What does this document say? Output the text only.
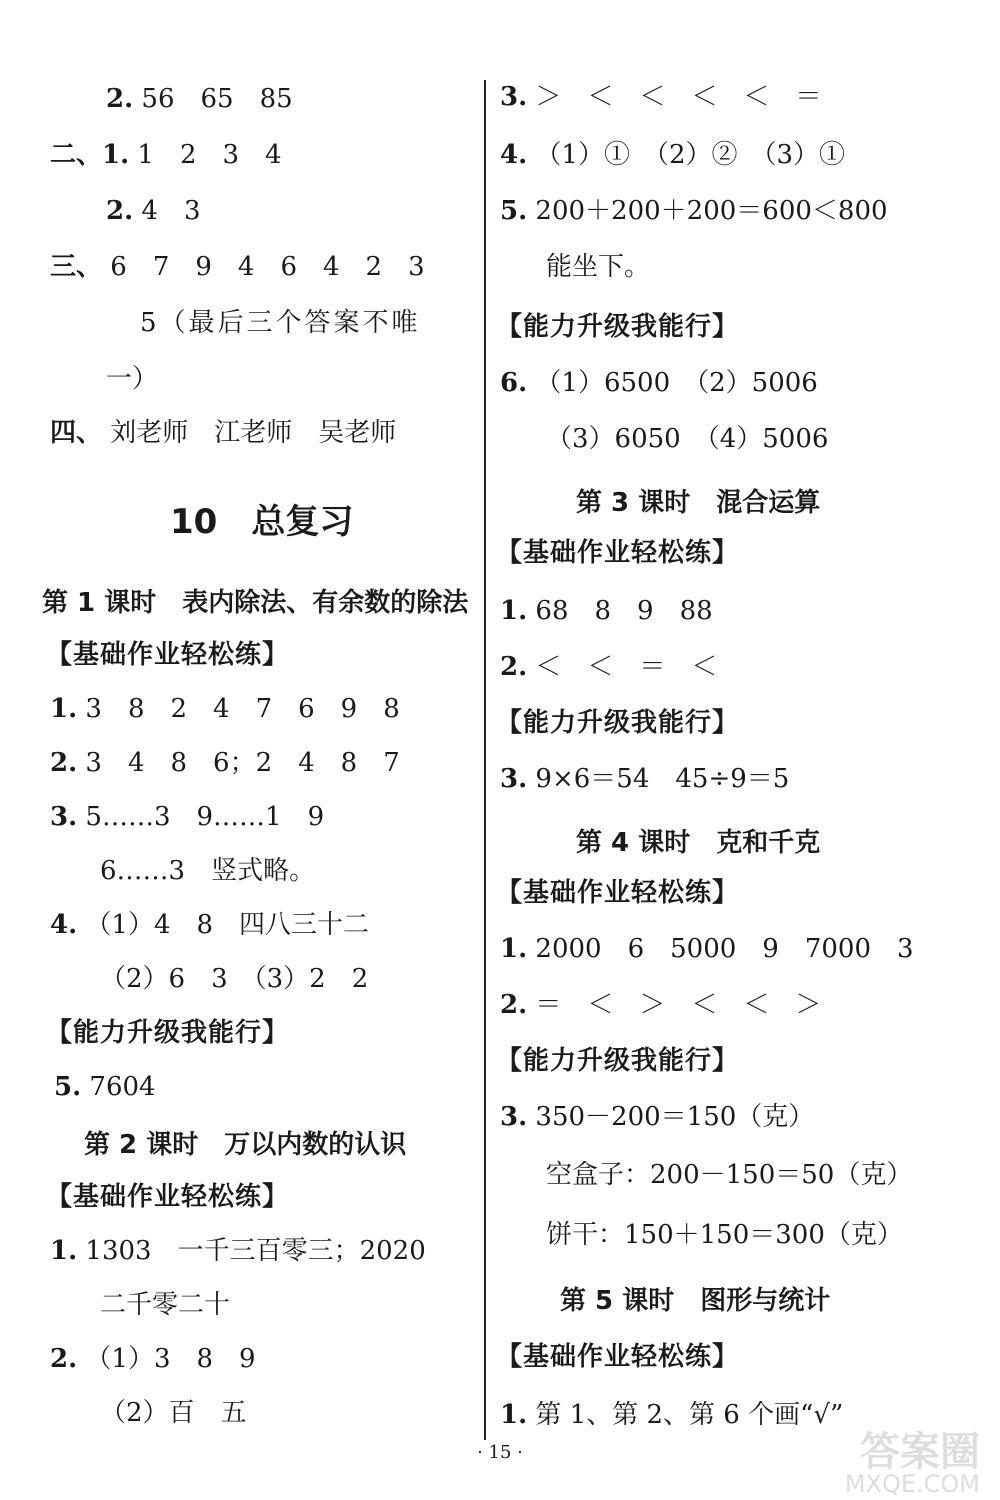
2. 56　65　85
二、1. 1　2　3　4
2. 4　3
三、 6　7　9　4　6　4　2　3
5（最后三个答案不唯
一）
四、 刘老师　江老师　吴老师
10　总复习
第 1 课时　表内除法、有余数的除法
【基础作业轻松练】
1. 3　8　2　4　7　6　9　8
2. 3　4　8　6；2　4　8　7
3. 5……3　9……1　9
6……3　竖式略。
4. （1）4　8　四八三十二
（2）6　3　（3）2　2
【能力升级我能行】
5. 7604
第 2 课时　万以内数的认识
【基础作业轻松练】
1. 1303　一千三百零三；2020
二千零二十
2. （1）3　8　9
（2）百　五
3. ＞　＜　＜　＜　＜　＝
4. （1）①　（2）②　（3）①
5. 200＋200＋200＝600＜800
能坐下。
【能力升级我能行】
6. （1）6500　（2）5006
（3）6050　（4）5006
第 3 课时　混合运算
【基础作业轻松练】
1. 68　8　9　88
2. ＜　＜　＝　＜
【能力升级我能行】
3. 9×6＝54　45÷9＝5
第 4 课时　克和千克
【基础作业轻松练】
1. 2000　6　5000　9　7000　3
2. ＝　＜　＞　＜　＜　＞
【能力升级我能行】
3. 350－200＝150（克）
空盒子：200－150＝50（克）
饼干：150＋150＝300（克）
第 5 课时　图形与统计
【基础作业轻松练】
1. 第 1、第 2、第 6 个画“√”
· 15 ·	答案圈
MXQE.COM
